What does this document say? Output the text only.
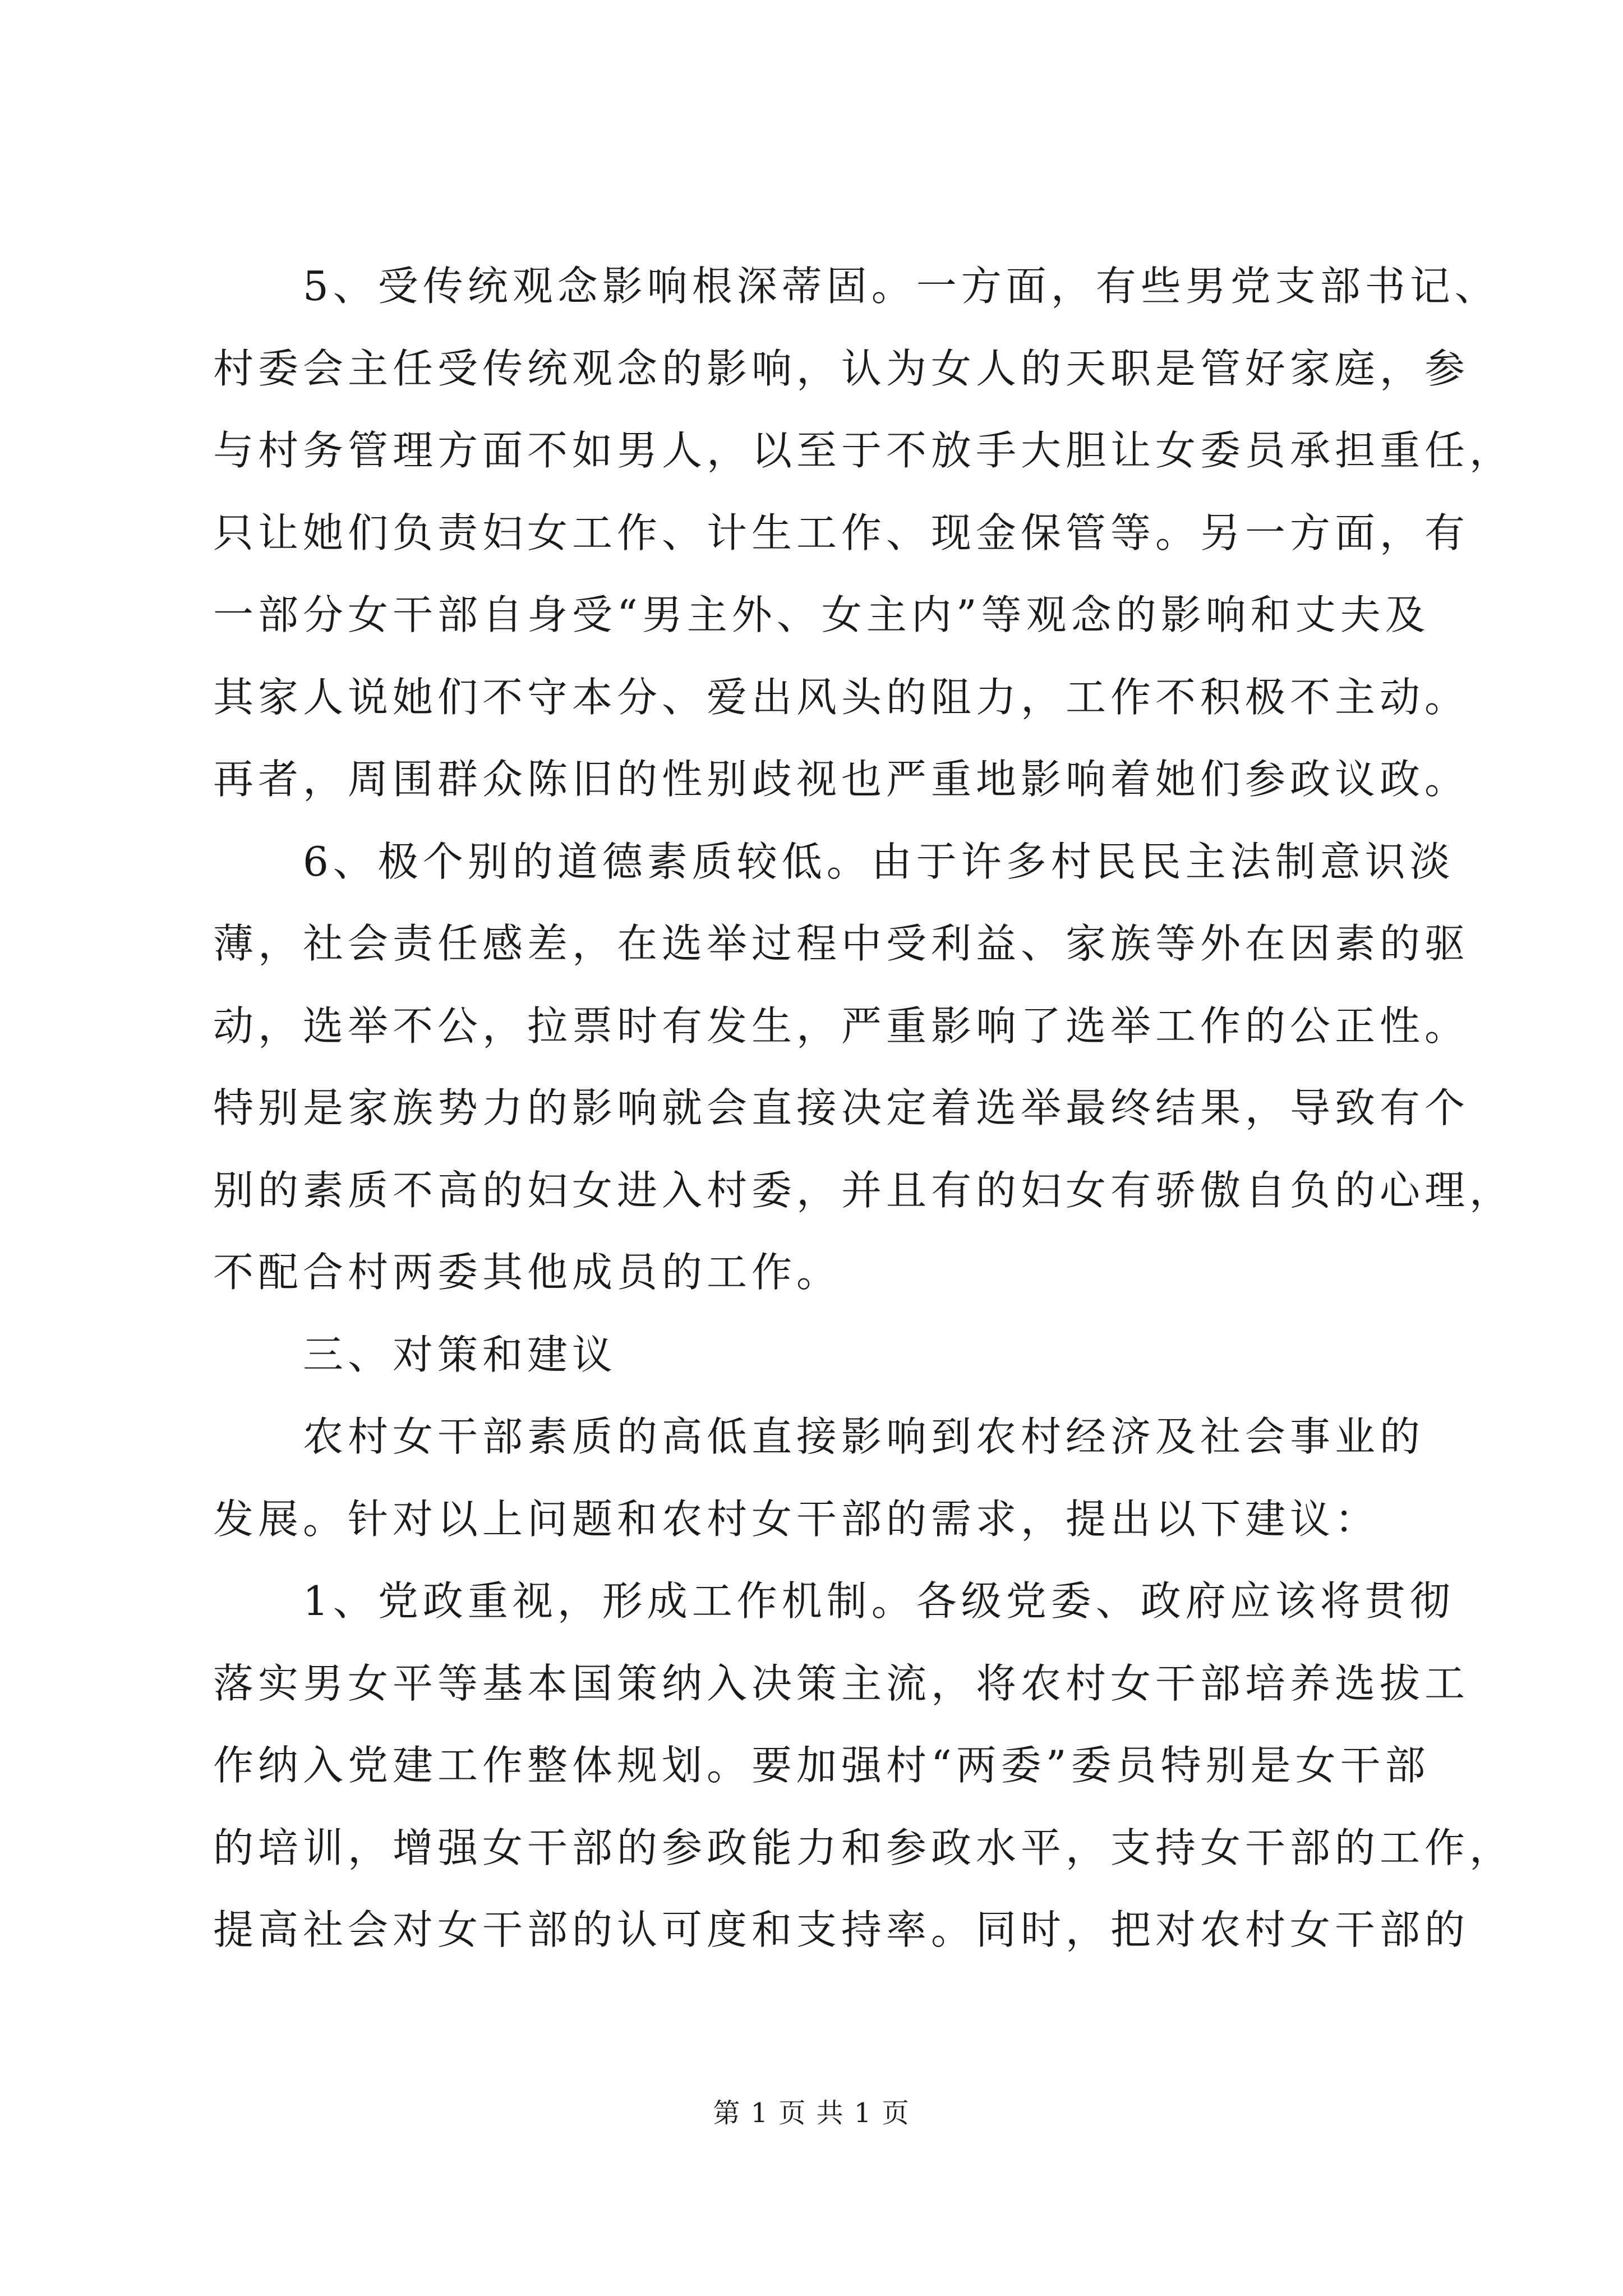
5、受传统观念影响根深蒂固。一方面，有些男党支部书记、
村委会主任受传统观念的影响，认为女人的天职是管好家庭，参
与村务管理方面不如男人，以至于不放手大胆让女委员承担重任，
只让她们负责妇女工作、计生工作、现金保管等。另一方面，有
一部分女干部自身受“男主外、女主内”等观念的影响和丈夫及
其家人说她们不守本分、爱出风头的阻力，工作不积极不主动。
再者，周围群众陈旧的性别歧视也严重地影响着她们参政议政。
6、极个别的道德素质较低。由于许多村民民主法制意识淡
薄，社会责任感差，在选举过程中受利益、家族等外在因素的驱
动，选举不公，拉票时有发生，严重影响了选举工作的公正性。
特别是家族势力的影响就会直接决定着选举最终结果，导致有个
别的素质不高的妇女进入村委，并且有的妇女有骄傲自负的心理，
不配合村两委其他成员的工作。
三、对策和建议
农村女干部素质的高低直接影响到农村经济及社会事业的
发展。针对以上问题和农村女干部的需求，提出以下建议：
1、党政重视，形成工作机制。各级党委、政府应该将贯彻
落实男女平等基本国策纳入决策主流，将农村女干部培养选拔工
作纳入党建工作整体规划。要加强村“两委”委员特别是女干部
的培训，增强女干部的参政能力和参政水平，支持女干部的工作，
提高社会对女干部的认可度和支持率。同时，把对农村女干部的
第 1 页 共 1 页
